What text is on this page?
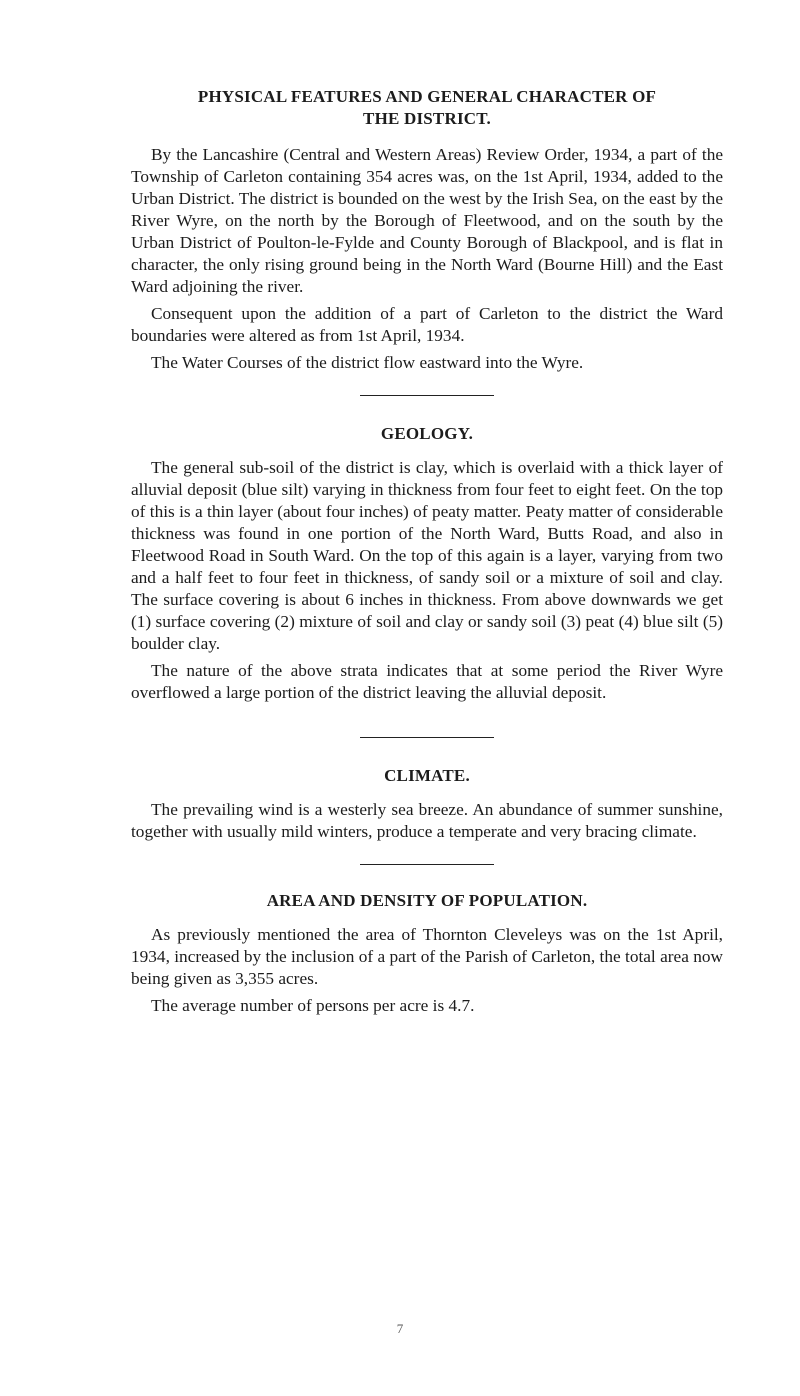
PHYSICAL FEATURES AND GENERAL CHARACTER OF
THE DISTRICT.

By the Lancashire (Central and Western Areas) Review Order, 1934, a part of the Township of Carleton containing 354 acres was, on the 1st April, 1934, added to the Urban District. The district is bounded on the west by the Irish Sea, on the east by the River Wyre, on the north by the Borough of Fleetwood, and on the south by the Urban District of Poulton-le-Fylde and County Borough of Blackpool, and is flat in character, the only rising ground being in the North Ward (Bourne Hill) and the East Ward adjoining the river.

Consequent upon the addition of a part of Carleton to the district the Ward boundaries were altered as from 1st April, 1934.

The Water Courses of the district flow eastward into the Wyre.

GEOLOGY.

The general sub-soil of the district is clay, which is overlaid with a thick layer of alluvial deposit (blue silt) varying in thickness from four feet to eight feet. On the top of this is a thin layer (about four inches) of peaty matter. Peaty matter of considerable thickness was found in one portion of the North Ward, Butts Road, and also in Fleetwood Road in South Ward. On the top of this again is a layer, varying from two and a half feet to four feet in thickness, of sandy soil or a mixture of soil and clay. The surface covering is about 6 inches in thickness. From above downwards we get (1) surface covering (2) mixture of soil and clay or sandy soil (3) peat (4) blue silt (5) boulder clay.

The nature of the above strata indicates that at some period the River Wyre overflowed a large portion of the district leaving the alluvial deposit.

CLIMATE.

The prevailing wind is a westerly sea breeze. An abundance of summer sunshine, together with usually mild winters, produce a temperate and very bracing climate.

AREA AND DENSITY OF POPULATION.

As previously mentioned the area of Thornton Cleveleys was on the 1st April, 1934, increased by the inclusion of a part of the Parish of Carleton, the total area now being given as 3,355 acres.

The average number of persons per acre is 4.7.

7
